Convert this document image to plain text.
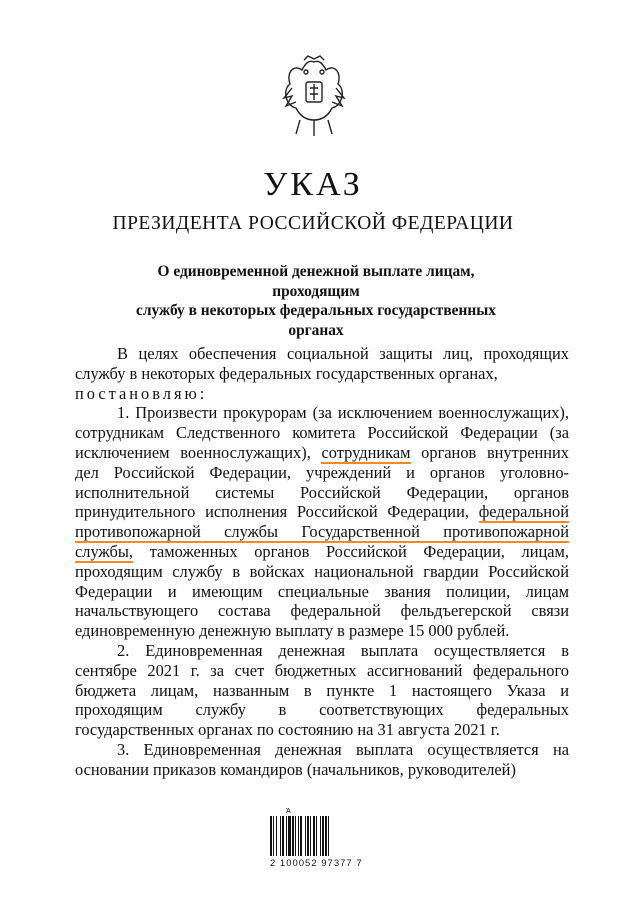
УКАЗ
ПРЕЗИДЕНТА РОССИЙСКОЙ ФЕДЕРАЦИИ
О единовременной денежной выплате лицам, проходящим
службу в некоторых федеральных государственных
органах

В целях обеспечения социальной защиты лиц, проходящих службу в некоторых федеральных государственных органах,
постановляю:

1. Произвести прокурорам (за исключением военнослужащих), сотрудникам Следственного комитета Российской Федерации (за исключением военнослужащих), сотрудникам органов внутренних дел Российской Федерации, учреждений и органов уголовно-исполнительной системы Российской Федерации, органов принудительного исполнения Российской Федерации, федеральной противопожарной службы Государственной противопожарной службы, таможенных органов Российской Федерации, лицам, проходящим службу в войсках национальной гвардии Российской Федерации и имеющим специальные звания полиции, лицам начальствующего состава федеральной фельдъегерской связи единовременную денежную выплату в размере 15 000 рублей.

2. Единовременная денежная выплата осуществляется в сентябре 2021 г. за счет бюджетных ассигнований федерального бюджета лицам, названным в пункте 1 настоящего Указа и проходящим службу в соответствующих федеральных государственных органах по состоянию на 31 августа 2021 г.

3. Единовременная денежная выплата осуществляется на основании приказов командиров (начальников, руководителей)

Ά
2 100052 97377 7
